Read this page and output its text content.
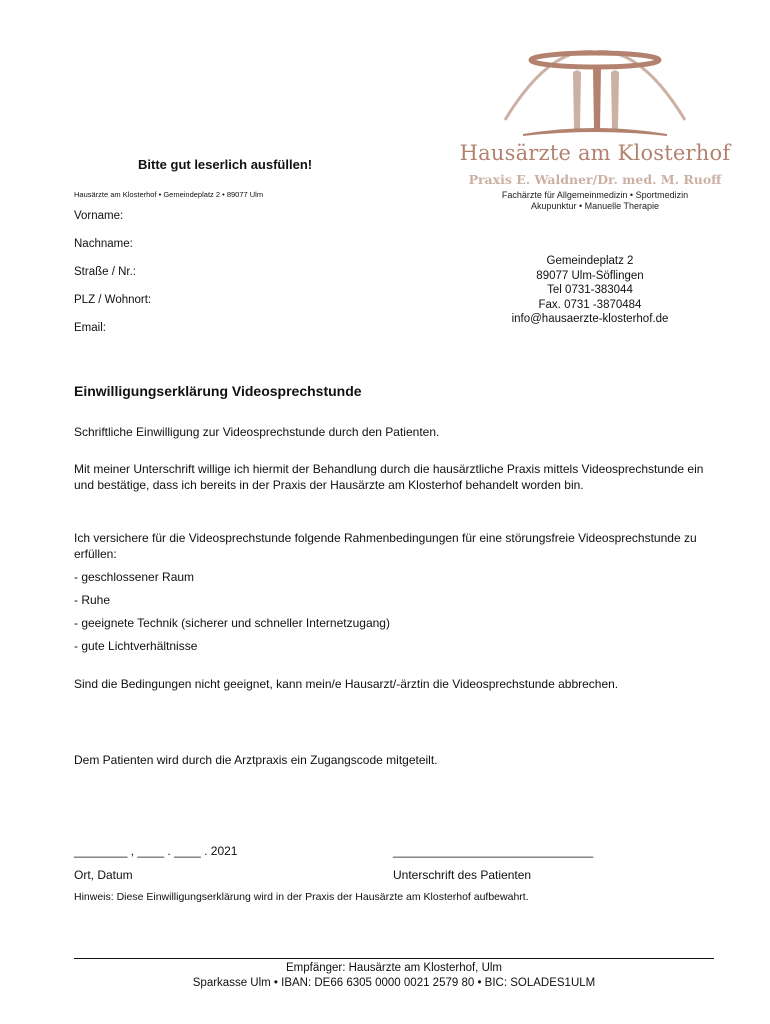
Hausärzte am Klosterhof
Praxis E. Waldner/Dr. med. M. Ruoff
Fachärzte für Allgemeinmedizin • Sportmedizin
Akupunktur • Manuelle Therapie
Bitte gut leserlich ausfüllen!
Hausärzte am Klosterhof • Gemeindeplatz 2 • 89077 Ulm
Vorname:
Nachname:
Straße / Nr.:
PLZ / Wohnort:
Email:
Gemeindeplatz 2
89077 Ulm-Söflingen
Tel 0731-383044
Fax. 0731 -3870484
info@hausaerzte-klosterhof.de
Einwilligungserklärung Videosprechstunde
Schriftliche Einwilligung zur Videosprechstunde durch den Patienten.
Mit meiner Unterschrift willige ich hiermit der Behandlung durch die hausärztliche Praxis mittels Videosprechstunde ein und bestätige, dass ich bereits in der Praxis der Hausärzte am Klosterhof behandelt worden bin.
Ich versichere für die Videosprechstunde folgende Rahmenbedingungen für eine störungsfreie Videosprechstunde zu erfüllen:
- geschlossener Raum
- Ruhe
- geeignete Technik (sicherer und schneller Internetzugang)
- gute Lichtverhältnisse
Sind die Bedingungen nicht geeignet, kann mein/e Hausarzt/-ärztin die Videosprechstunde abbrechen.
Dem Patienten wird durch die Arztpraxis ein Zugangscode mitgeteilt.
________ , ____ . ____ . 2021	______________________________
Ort, Datum	Unterschrift des Patienten
Hinweis: Diese Einwilligungserklärung wird in der Praxis der Hausärzte am Klosterhof aufbewahrt.
Empfänger: Hausärzte am Klosterhof, Ulm
Sparkasse Ulm • IBAN: DE66 6305 0000 0021 2579 80 • BIC: SOLADES1ULM
